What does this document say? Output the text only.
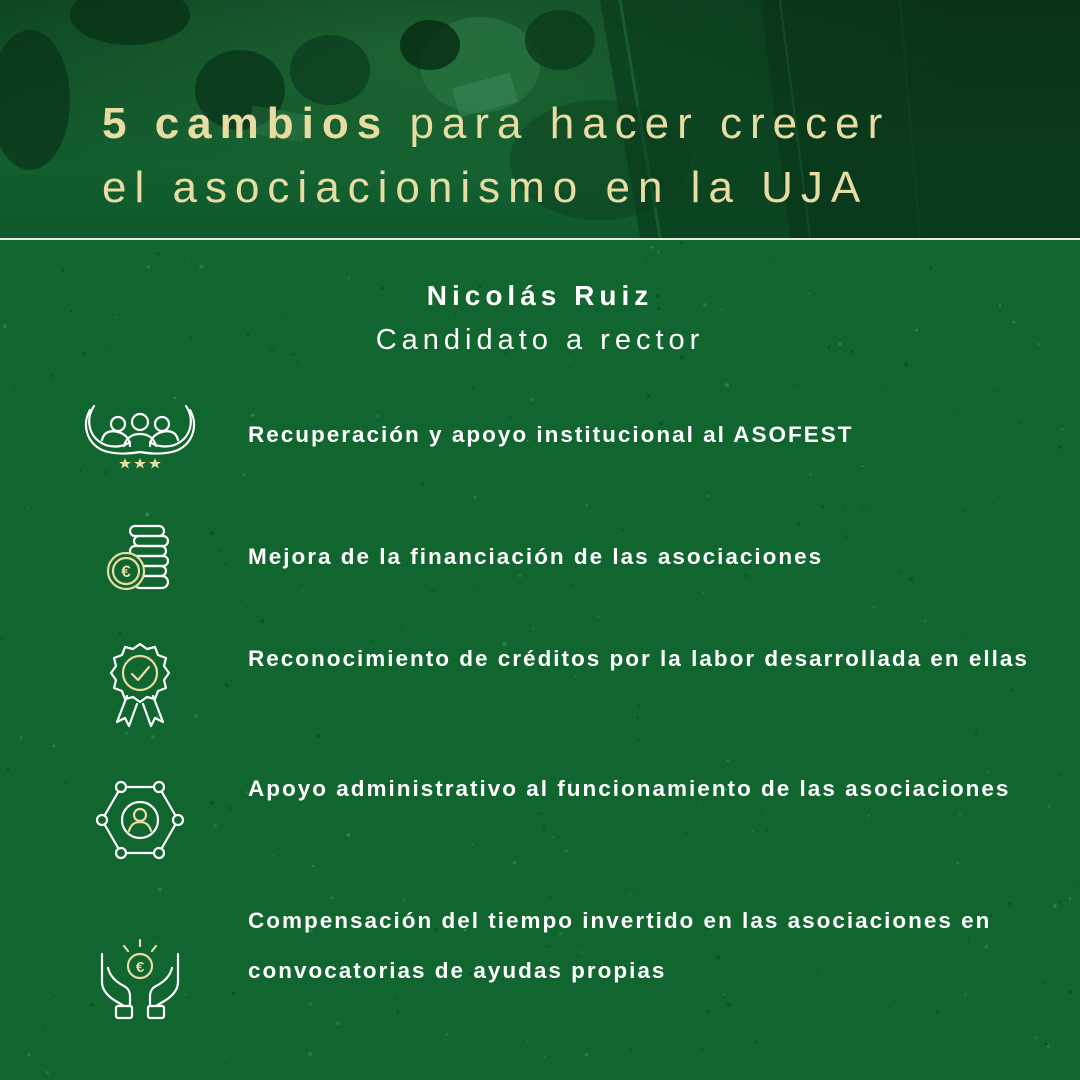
5 cambios para hacer crecer
el asociacionismo en la UJA

Nicolás Ruiz
Candidato a rector

Recuperación y apoyo institucional al ASOFEST

€

Mejora de la financiación de las asociaciones

Reconocimiento de créditos por la labor desarrollada en ellas

Apoyo administrativo al funcionamiento de las asociaciones

€

Compensación del tiempo invertido en las asociaciones en convocatorias de ayudas propias
